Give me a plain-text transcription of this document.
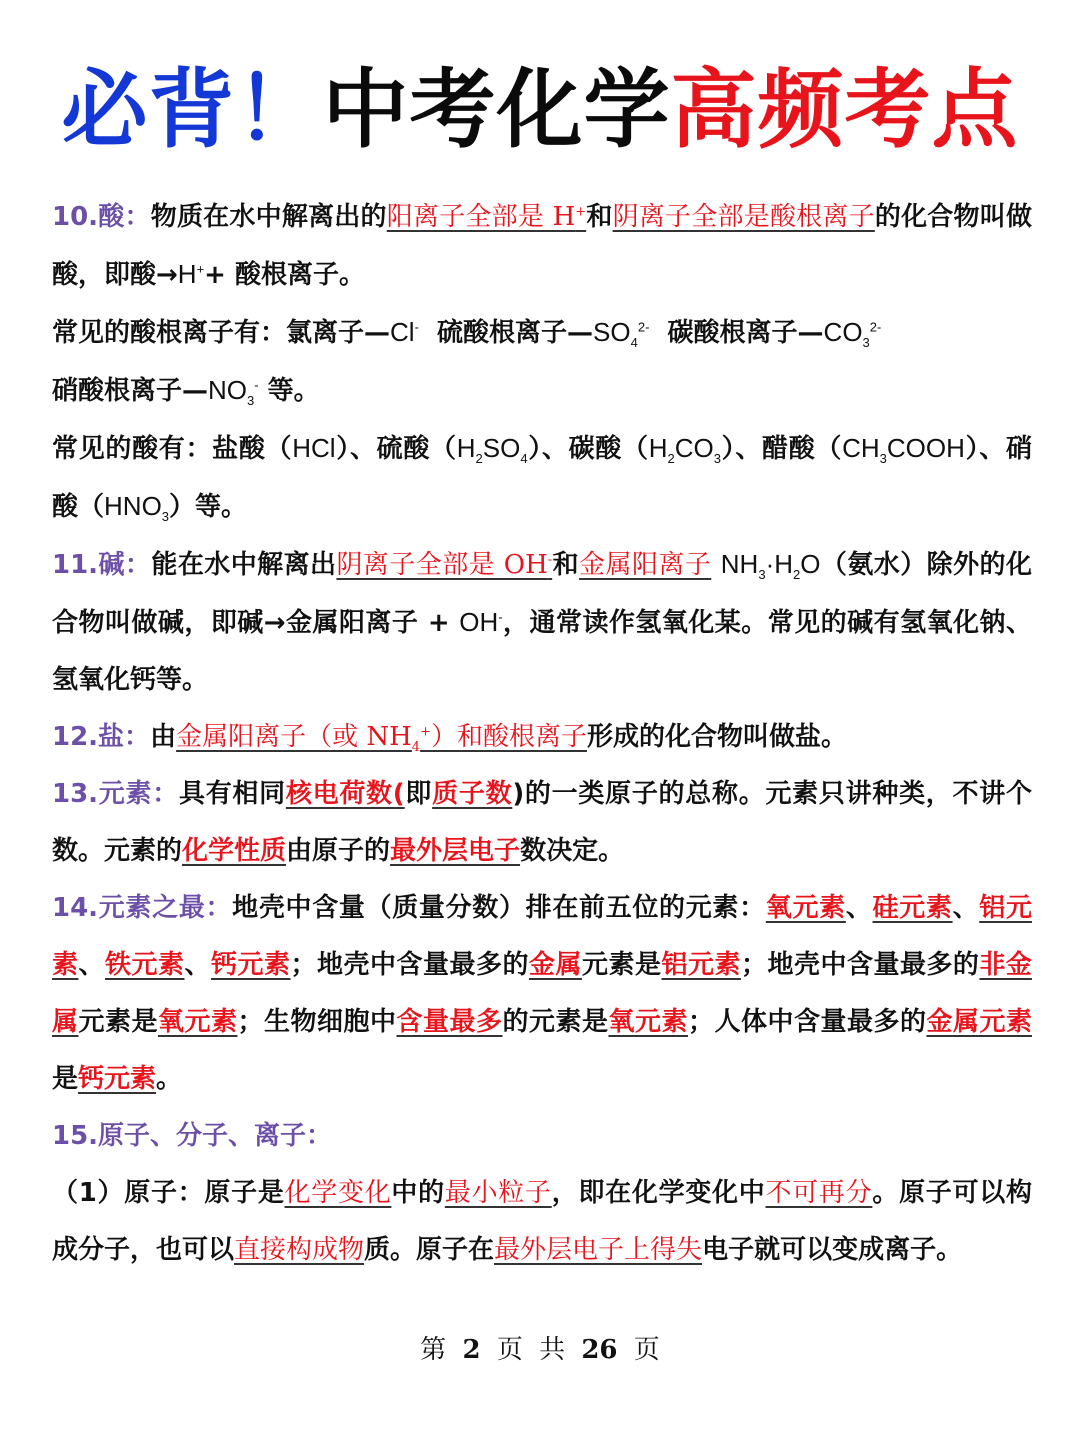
必背！中考化学高频考点

10.酸：物质在水中解离出的阳离子全部是 H+和阴离子全部是酸根离子的化合物叫做酸，即酸→H++ 酸根离子。

常见的酸根离子有：氯离子—Cl- 硫酸根离子$—SO_4^{2-}$ 碳酸根离子$—CO_3^{2-}$

硝酸根离子$—NO_3^-$ 等。

常见的酸有：盐酸（HCl）、硫酸$(H_2SO_4)$、碳酸$(H_2CO_3)$、醋酸$(CH_3COOH)$、硝酸$(HNO_3)$等。

11.碱：能在水中解离出阴离子全部是 OH-和金属阳离子 $NH_3\cdot H_2O$（氨水）除外的化合物叫做碱，即碱→金属阳离子 + OH-，通常读作氢氧化某。常见的碱有氢氧化钠、氢氧化钙等。

12.盐：由金属阳离子（或 $NH_4^+$）和酸根离子形成的化合物叫做盐。

13.元素：具有相同核电荷数(即质子数)的一类原子的总称。元素只讲种类，不讲个数。元素的化学性质由原子的最外层电子数决定。

14.元素之最：地壳中含量（质量分数）排在前五位的元素：氧元素、硅元素、铝元素、铁元素、钙元素；地壳中含量最多的金属元素是铝元素；地壳中含量最多的非金属元素是氧元素；生物细胞中含量最多的元素是氧元素；人体中含量最多的金属元素是钙元素。

15.原子、分子、离子：

（1）原子：原子是化学变化中的最小粒子，即在化学变化中不可再分。原子可以构成分子，也可以直接构成物质。原子在最外层电子上得失电子就可以变成离子。

第 2 页 共 26 页
